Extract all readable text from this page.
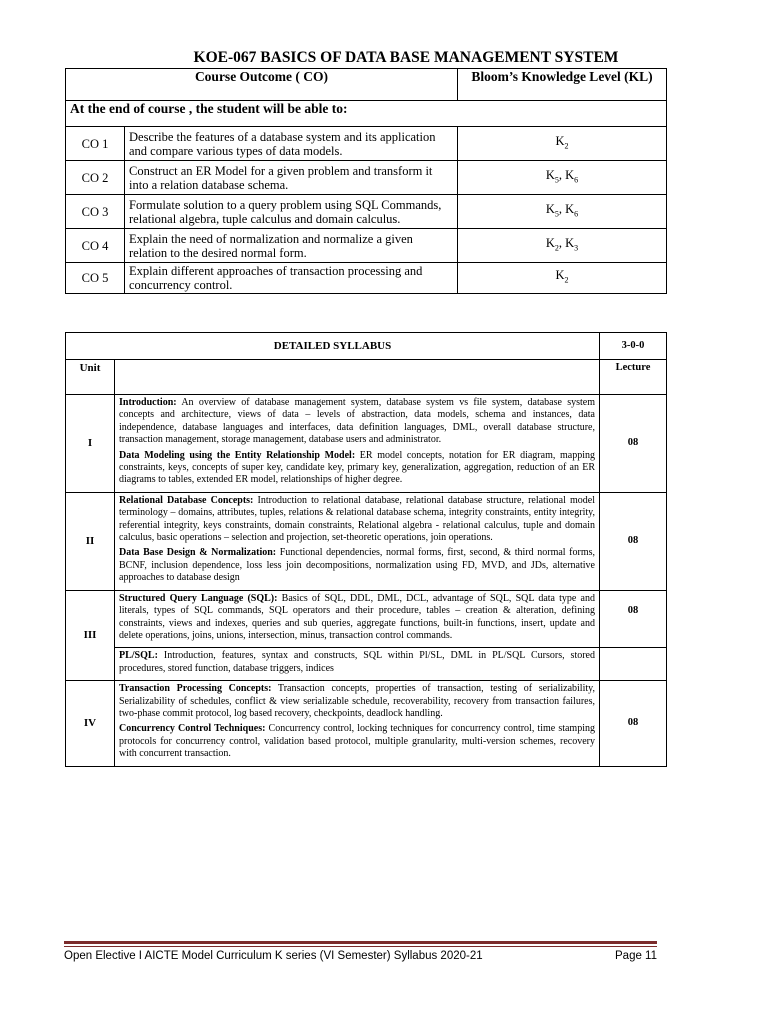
KOE-067 BASICS OF DATA BASE MANAGEMENT SYSTEM
Course Outcome ( CO)		Bloom’s Knowledge Level (KL)
At the end of course , the student will be able to:		
CO 1	Describe the features of a database system and its application and compare various types of data models.	$K_2$
CO 2	Construct an ER Model for a given problem and transform it into a relation database schema.	$K_5$, $K_6$
CO 3	Formulate solution to a query problem using SQL Commands, relational algebra, tuple calculus and domain calculus.	$K_5$, $K_6$
CO 4	Explain the need of normalization and normalize a given relation to the desired normal form.	$K_2$, $K_3$
CO 5	Explain different approaches of transaction processing and concurrency control.	$K_2$
DETAILED SYLLABUS		3-0-0
Unit		Lecture
I	Introduction: An overview of database management system, database system vs file system, database system concepts and architecture, views of data – levels of abstraction, data models, schema and instances, data independence, database languages and interfaces, data definition languages, DML, overall database structure, transaction management, storage management, database users and administrator.

Data Modeling using the Entity Relationship Model: ER model concepts, notation for ER diagram, mapping constraints, keys, concepts of super key, candidate key, primary key, generalization, aggregation, reduction of an ER diagrams to tables, extended ER model, relationships of higher degree.	08
II	Relational Database Concepts: Introduction to relational database, relational database structure, relational model terminology – domains, attributes, tuples, relations & relational database schema, integrity constraints, entity integrity, referential integrity, keys constraints, domain constraints, Relational algebra - relational calculus, tuple and domain calculus, basic operations – selection and projection, set-theoretic operations, join operations.

Data Base Design & Normalization: Functional dependencies, normal forms, first, second, & third normal forms, BCNF, inclusion dependence, loss less join decompositions, normalization using FD, MVD, and JDs, alternative approaches to database design	08
III	Structured Query Language (SQL): Basics of SQL, DDL, DML, DCL, advantage of SQL, SQL data type and literals, types of SQL commands, SQL operators and their procedure, tables – creation & alteration, defining constraints, views and indexes, queries and sub queries, aggregate functions, built-in functions, insert, update and delete operations, joins, unions, intersection, minus, transaction control commands.	08

	PL/SQL: Introduction, features, syntax and constructs, SQL within Pl/SL, DML in PL/SQL Cursors, stored procedures, stored function, database triggers, indices	

IV	Transaction Processing Concepts: Transaction concepts, properties of transaction, testing of serializability, Serializability of schedules, conflict & view serializable schedule, recoverability, recovery from transaction failures, two-phase commit protocol, log based recovery, checkpoints, deadlock handling.

Concurrency Control Techniques: Concurrency control, locking techniques for concurrency control, time stamping protocols for concurrency control, validation based protocol, multiple granularity, multi-version schemes, recovery with concurrent transaction.	08
Open Elective I AICTE Model Curriculum K series (VI Semester) Syllabus 2020-21	Page 11
